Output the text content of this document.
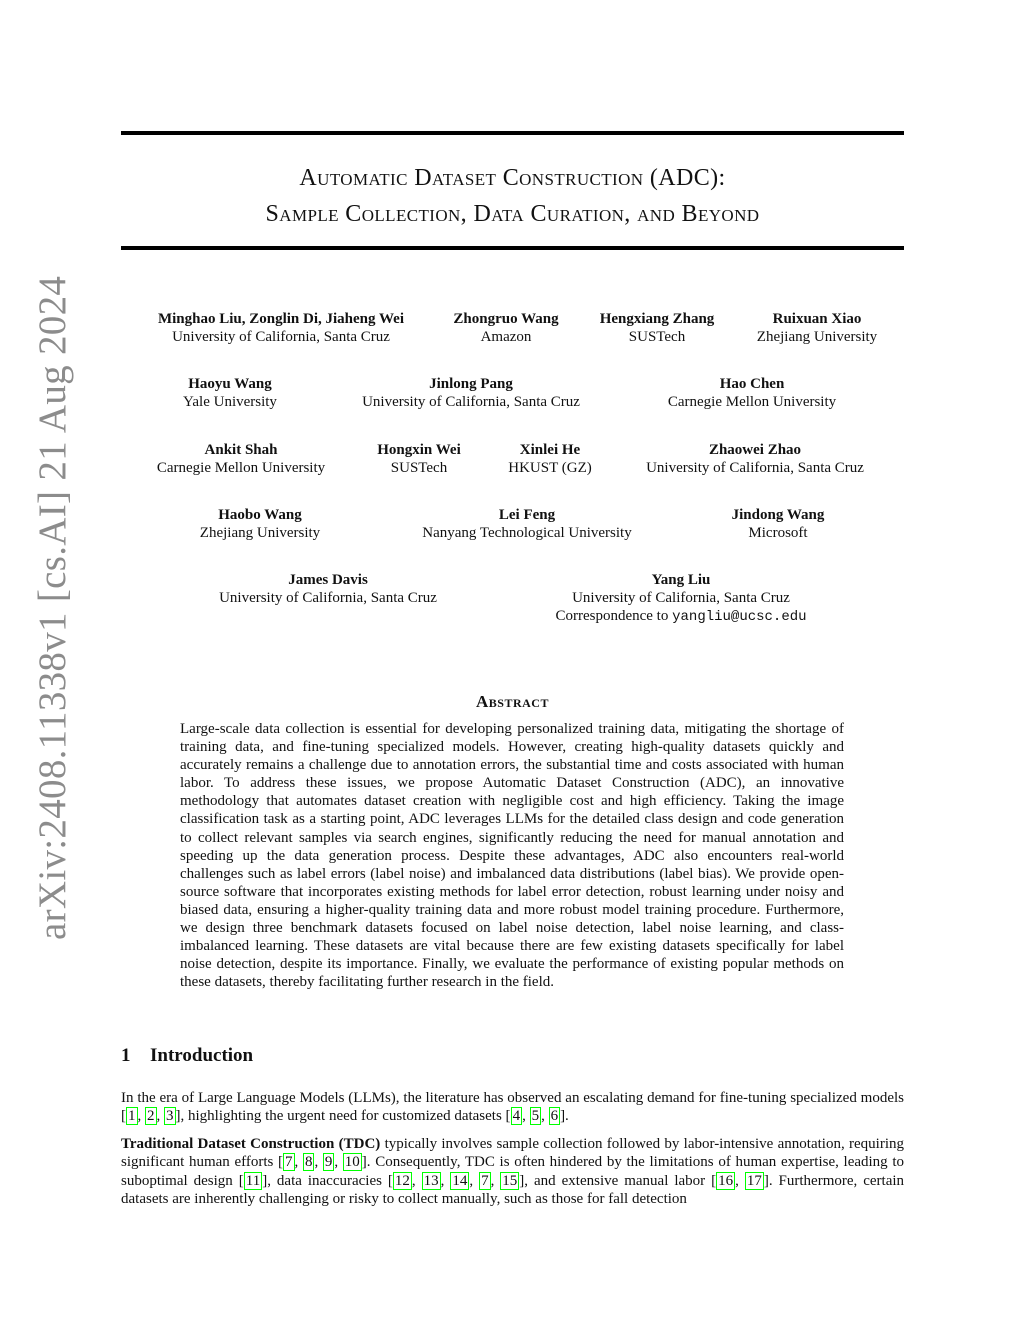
arXiv:2408.11338v1 [cs.AI] 21 Aug 2024
Automatic Dataset Construction (ADC):
Sample Collection, Data Curation, and Beyond
Minghao Liu, Zonglin Di, Jiaheng Wei
University of California, Santa Cruz
Zhongruo Wang
Amazon
Hengxiang Zhang
SUSTech
Ruixuan Xiao
Zhejiang University
Haoyu Wang
Yale University
Jinlong Pang
University of California, Santa Cruz
Hao Chen
Carnegie Mellon University
Ankit Shah
Carnegie Mellon University
Hongxin Wei
SUSTech
Xinlei He
HKUST (GZ)
Zhaowei Zhao
University of California, Santa Cruz
Haobo Wang
Zhejiang University
Lei Feng
Nanyang Technological University
Jindong Wang
Microsoft
James Davis
University of California, Santa Cruz
Yang Liu
University of California, Santa Cruz
Correspondence to yangliu@ucsc.edu
Abstract
Large-scale data collection is essential for developing personalized training data, mitigating the shortage of training data, and fine-tuning specialized models. However, creating high-quality datasets quickly and accurately remains a challenge due to annotation errors, the substantial time and costs associated with human labor. To address these issues, we propose Automatic Dataset Construction (ADC), an innovative methodology that automates dataset creation with negligible cost and high efficiency. Taking the image classification task as a starting point, ADC leverages LLMs for the detailed class design and code generation to collect relevant samples via search engines, significantly reducing the need for manual annotation and speeding up the data generation process. Despite these advantages, ADC also encounters real-world challenges such as label errors (label noise) and imbalanced data distributions (label bias). We provide open-source software that incorporates existing methods for label error detection, robust learning under noisy and biased data, ensuring a higher-quality training data and more robust model training procedure. Furthermore, we design three benchmark datasets focused on label noise detection, label noise learning, and class-imbalanced learning. These datasets are vital because there are few existing datasets specifically for label noise detection, despite its importance. Finally, we evaluate the performance of existing popular methods on these datasets, thereby facilitating further research in the field.
1 Introduction
In the era of Large Language Models (LLMs), the literature has observed an escalating demand for fine-tuning specialized models [ 1 , 2 , 3 ], highlighting the urgent need for customized datasets [ 4 , 5 , 6 ].
Traditional Dataset Construction (TDC) typically involves sample collection followed by labor-intensive annotation, requiring significant human efforts [ 7 , 8 , 9 , 10 ]. Consequently, TDC is often hindered by the limitations of human expertise, leading to suboptimal design [ 11 ], data inaccuracies [ 12 , 13 , 14 , 7 , 15 ], and extensive manual labor [ 16 , 17 ]. Furthermore, certain datasets are inherently challenging or risky to collect manually, such as those for fall detection
